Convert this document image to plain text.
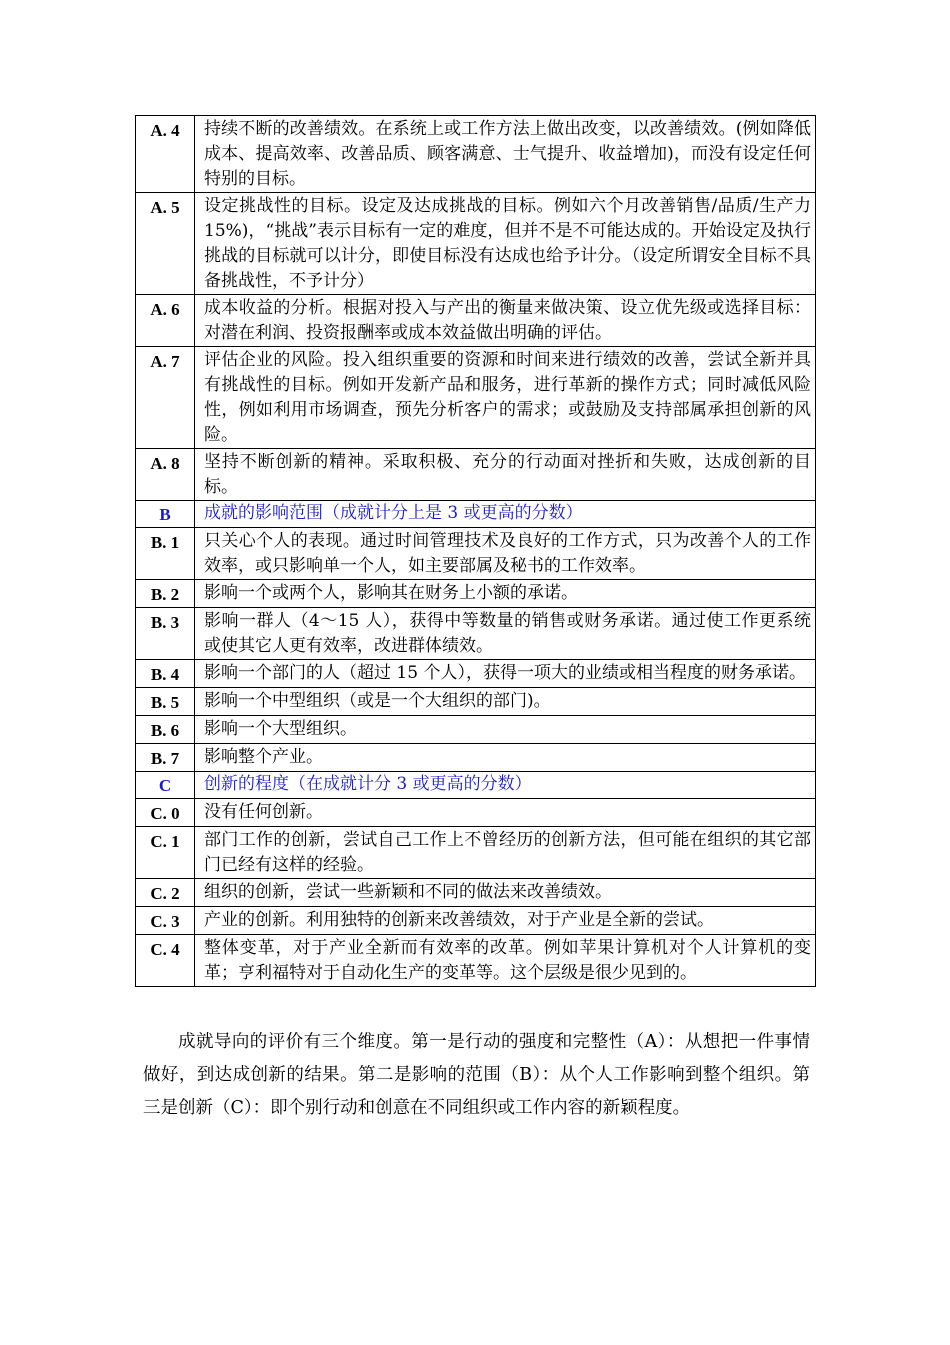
A. 4	持续不断的改善绩效。在系统上或工作方法上做出改变，以改善绩效。(例如降低成本、提高效率、改善品质、顾客满意、士气提升、收益增加)，而没有设定任何特别的目标。
A. 5	设定挑战性的目标。设定及达成挑战的目标。例如六个月改善销售/品质/生产力 15%)，“挑战”表示目标有一定的难度，但并不是不可能达成的。开始设定及执行挑战的目标就可以计分，即使目标没有达成也给予计分。（设定所谓安全目标不具备挑战性，不予计分）
A. 6	成本收益的分析。根据对投入与产出的衡量来做决策、设立优先级或选择目标：对潜在利润、投资报酬率或成本效益做出明确的评估。
A. 7	评估企业的风险。投入组织重要的资源和时间来进行绩效的改善，尝试全新并具有挑战性的目标。例如开发新产品和服务，进行革新的操作方式；同时减低风险性，例如利用市场调查，预先分析客户的需求；或鼓励及支持部属承担创新的风险。
A. 8	坚持不断创新的精神。采取积极、充分的行动面对挫折和失败，达成创新的目标。
B	成就的影响范围（成就计分上是 3 或更高的分数）
B. 1	只关心个人的表现。通过时间管理技术及良好的工作方式，只为改善个人的工作效率，或只影响单一个人，如主要部属及秘书的工作效率。
B. 2	影响一个或两个人，影响其在财务上小额的承诺。
B. 3	影响一群人（4～15 人），获得中等数量的销售或财务承诺。通过使工作更系统或使其它人更有效率，改进群体绩效。
B. 4	影响一个部门的人（超过 15 个人），获得一项大的业绩或相当程度的财务承诺。
B. 5	影响一个中型组织（或是一个大组织的部门)。
B. 6	影响一个大型组织。
B. 7	影响整个产业。
C	创新的程度（在成就计分 3 或更高的分数）
C. 0	没有任何创新。
C. 1	部门工作的创新，尝试自己工作上不曾经历的创新方法，但可能在组织的其它部门已经有这样的经验。
C. 2	组织的创新，尝试一些新颖和不同的做法来改善绩效。
C. 3	产业的创新。利用独特的创新来改善绩效，对于产业是全新的尝试。
C. 4	整体变革，对于产业全新而有效率的改革。例如苹果计算机对个人计算机的变革；亨利福特对于自动化生产的变革等。这个层级是很少见到的。

成就导向的评价有三个维度。第一是行动的强度和完整性（A）：从想把一件事情做好，到达成创新的结果。第二是影响的范围（B）：从个人工作影响到整个组织。第三是创新（C）：即个别行动和创意在不同组织或工作内容的新颖程度。
